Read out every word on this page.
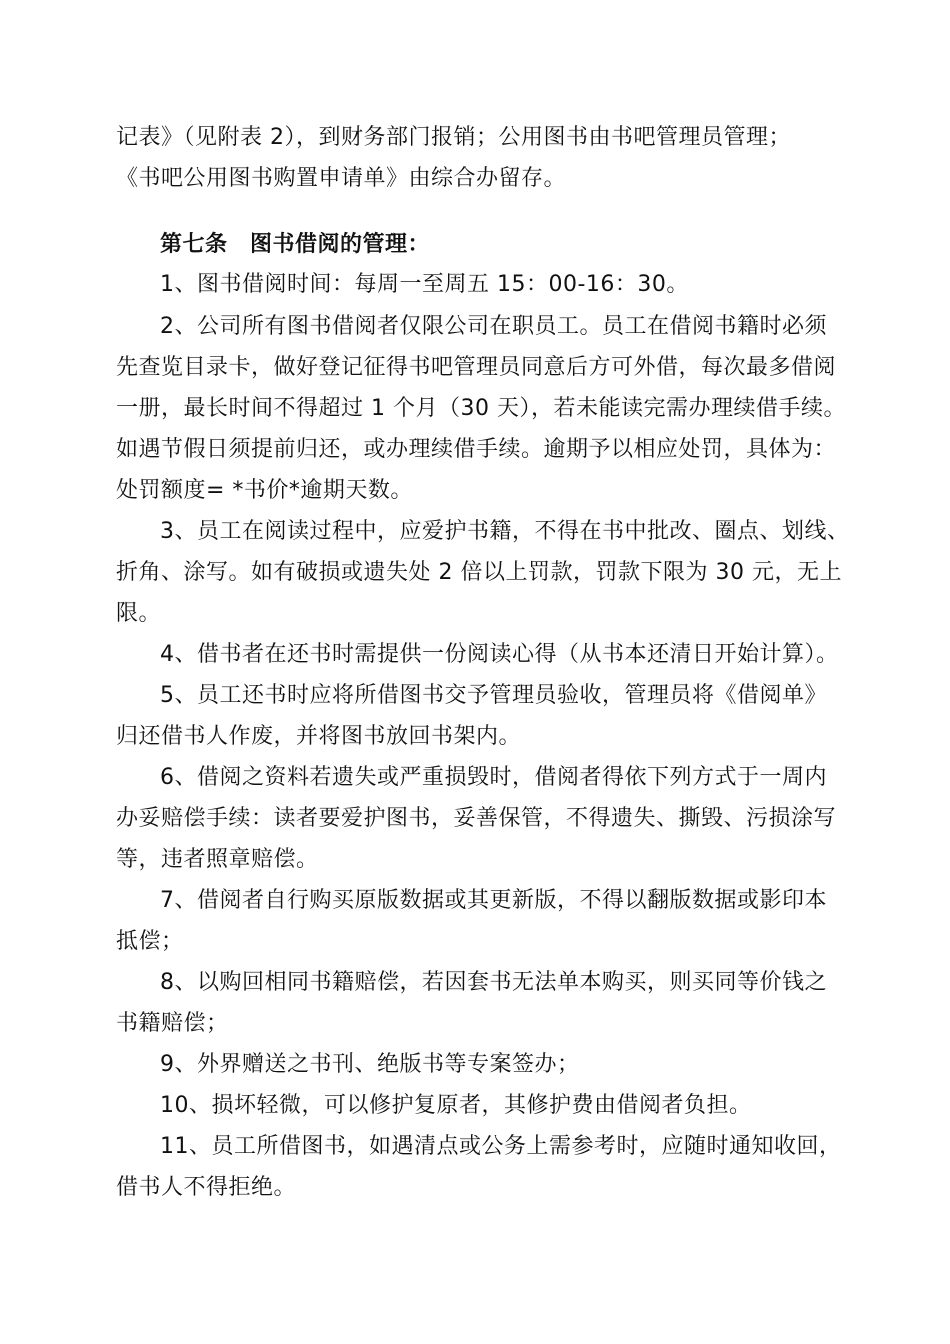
记表》（见附表 2），到财务部门报销；公用图书由书吧管理员管理；
《书吧公用图书购置申请单》由综合办留存。
第七条　图书借阅的管理：
1、图书借阅时间：每周一至周五 15：00-16：30。
2、公司所有图书借阅者仅限公司在职员工。员工在借阅书籍时必须
先查览目录卡，做好登记征得书吧管理员同意后方可外借，每次最多借阅
一册，最长时间不得超过 1 个月（30 天），若未能读完需办理续借手续。
如遇节假日须提前归还，或办理续借手续。逾期予以相应处罚，具体为：
处罚额度= *书价*逾期天数。
3、员工在阅读过程中，应爱护书籍，不得在书中批改、圈点、划线、
折角、涂写。如有破损或遗失处 2 倍以上罚款，罚款下限为 30 元，无上
限。
4、借书者在还书时需提供一份阅读心得（从书本还清日开始计算）。
5、员工还书时应将所借图书交予管理员验收，管理员将《借阅单》
归还借书人作废，并将图书放回书架内。
6、借阅之资料若遗失或严重损毁时，借阅者得依下列方式于一周内
办妥赔偿手续：读者要爱护图书，妥善保管，不得遗失、撕毁、污损涂写
等，违者照章赔偿。
7、借阅者自行购买原版数据或其更新版，不得以翻版数据或影印本
抵偿；
8、以购回相同书籍赔偿，若因套书无法单本购买，则买同等价钱之
书籍赔偿；
9、外界赠送之书刊、绝版书等专案签办；
10、损坏轻微，可以修护复原者，其修护费由借阅者负担。
11、员工所借图书，如遇清点或公务上需参考时，应随时通知收回，
借书人不得拒绝。
